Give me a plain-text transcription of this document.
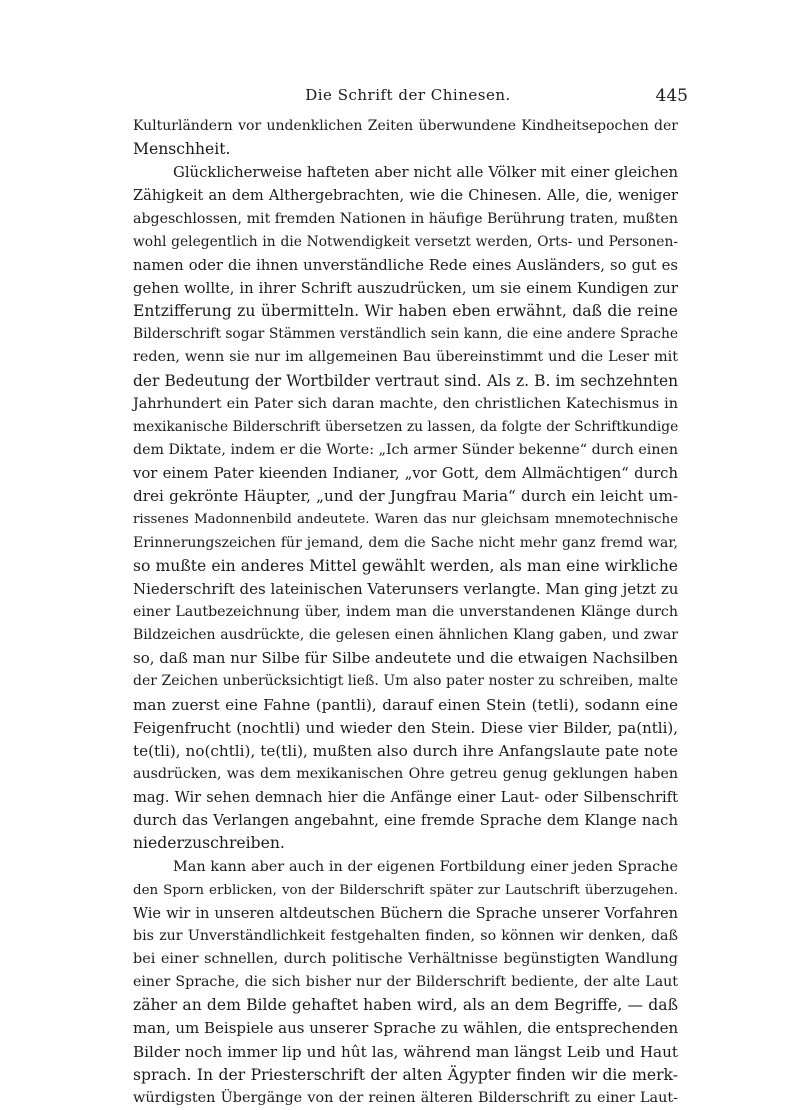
Die Schrift der Chinesen.	445
Kulturländern vor undenklichen Zeiten überwundene Kindheitsepochen der
Menschheit.
Glücklicherweise hafteten aber nicht alle Völker mit einer gleichen
Zähigkeit an dem Althergebrachten, wie die Chinesen. Alle, die, weniger
abgeschlossen, mit fremden Nationen in häufige Berührung traten, mußten
wohl gelegentlich in die Notwendigkeit versetzt werden, Orts- und Personen-
namen oder die ihnen unverständliche Rede eines Ausländers, so gut es
gehen wollte, in ihrer Schrift auszudrücken, um sie einem Kundigen zur
Entzifferung zu übermitteln. Wir haben eben erwähnt, daß die reine
Bilderschrift sogar Stämmen verständlich sein kann, die eine andere Sprache
reden, wenn sie nur im allgemeinen Bau übereinstimmt und die Leser mit
der Bedeutung der Wortbilder vertraut sind. Als z. B. im sechzehnten
Jahrhundert ein Pater sich daran machte, den christlichen Katechismus in
mexikanische Bilderschrift übersetzen zu lassen, da folgte der Schriftkundige
dem Diktate, indem er die Worte: „Ich armer Sünder bekenne“ durch einen
vor einem Pater kieenden Indianer, „vor Gott, dem Allmächtigen“ durch
drei gekrönte Häupter, „und der Jungfrau Maria“ durch ein leicht um-
rissenes Madonnenbild andeutete. Waren das nur gleichsam mnemotechnische
Erinnerungszeichen für jemand, dem die Sache nicht mehr ganz fremd war,
so mußte ein anderes Mittel gewählt werden, als man eine wirkliche
Niederschrift des lateinischen Vaterunsers verlangte. Man ging jetzt zu
einer Lautbezeichnung über, indem man die unverstandenen Klänge durch
Bildzeichen ausdrückte, die gelesen einen ähnlichen Klang gaben, und zwar
so, daß man nur Silbe für Silbe andeutete und die etwaigen Nachsilben
der Zeichen unberücksichtigt ließ. Um also pater noster zu schreiben, malte
man zuerst eine Fahne (pantli), darauf einen Stein (tetli), sodann eine
Feigenfrucht (nochtli) und wieder den Stein. Diese vier Bilder, pa(ntli),
te(tli), no(chtli), te(tli), mußten also durch ihre Anfangslaute pate note
ausdrücken, was dem mexikanischen Ohre getreu genug geklungen haben
mag. Wir sehen demnach hier die Anfänge einer Laut- oder Silbenschrift
durch das Verlangen angebahnt, eine fremde Sprache dem Klange nach
niederzuschreiben.
Man kann aber auch in der eigenen Fortbildung einer jeden Sprache
den Sporn erblicken, von der Bilderschrift später zur Lautschrift überzugehen.
Wie wir in unseren altdeutschen Büchern die Sprache unserer Vorfahren
bis zur Unverständlichkeit festgehalten finden, so können wir denken, daß
bei einer schnellen, durch politische Verhältnisse begünstigten Wandlung
einer Sprache, die sich bisher nur der Bilderschrift bediente, der alte Laut
zäher an dem Bilde gehaftet haben wird, als an dem Begriffe, — daß
man, um Beispiele aus unserer Sprache zu wählen, die entsprechenden
Bilder noch immer lip und hût las, während man längst Leib und Haut
sprach. In der Priesterschrift der alten Ägypter finden wir die merk-
würdigsten Übergänge von der reinen älteren Bilderschrift zu einer Laut-
